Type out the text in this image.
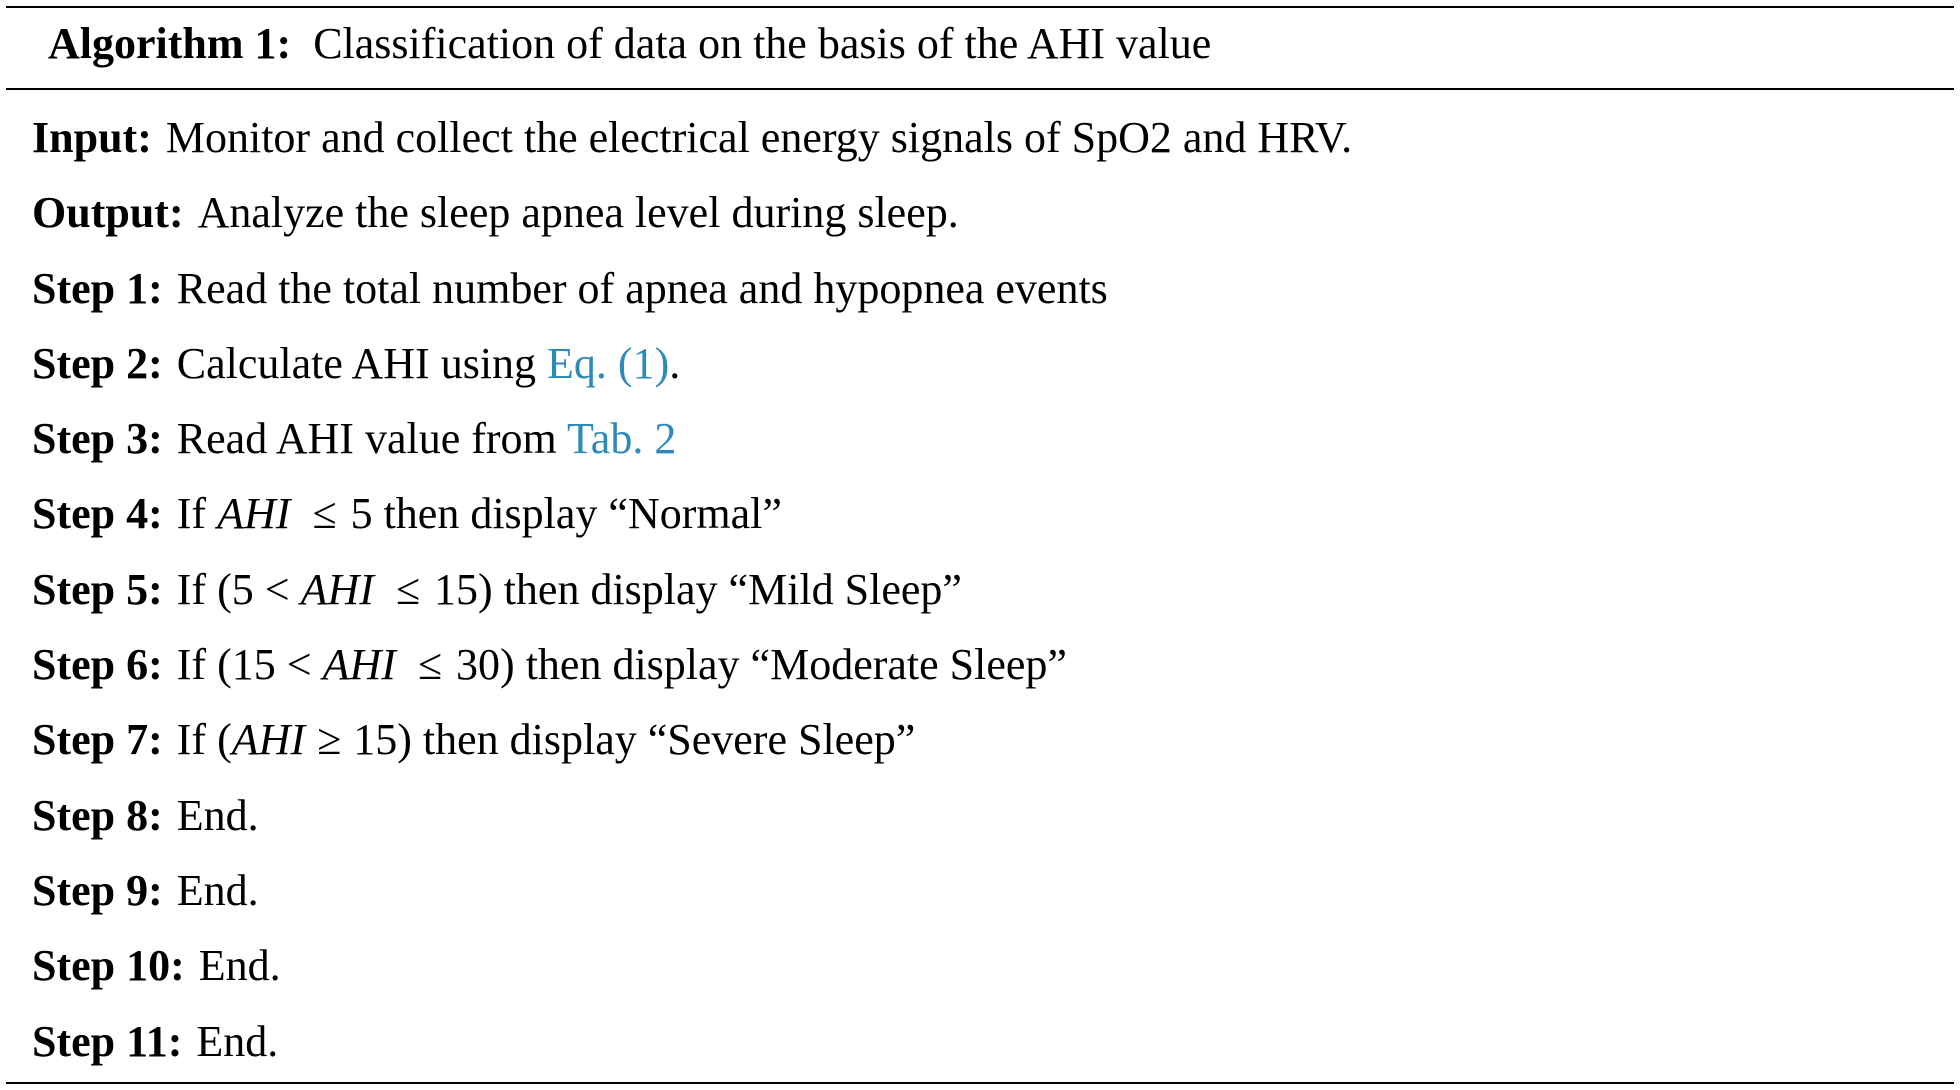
Algorithm 1: Classification of data on the basis of the AHI value
Input: Monitor and collect the electrical energy signals of SpO2 and HRV.
Output: Analyze the sleep apnea level during sleep.
Step 1: Read the total number of apnea and hypopnea events
Step 2: Calculate AHI using Eq. (1).
Step 3: Read AHI value from Tab. 2
Step 4: If AHI ≤ 5 then display “Normal”
Step 5: If (5 < AHI ≤ 15) then display “Mild Sleep”
Step 6: If (15 < AHI ≤ 30) then display “Moderate Sleep”
Step 7: If (AHI ≥ 15) then display “Severe Sleep”
Step 8: End.
Step 9: End.
Step 10: End.
Step 11: End.
